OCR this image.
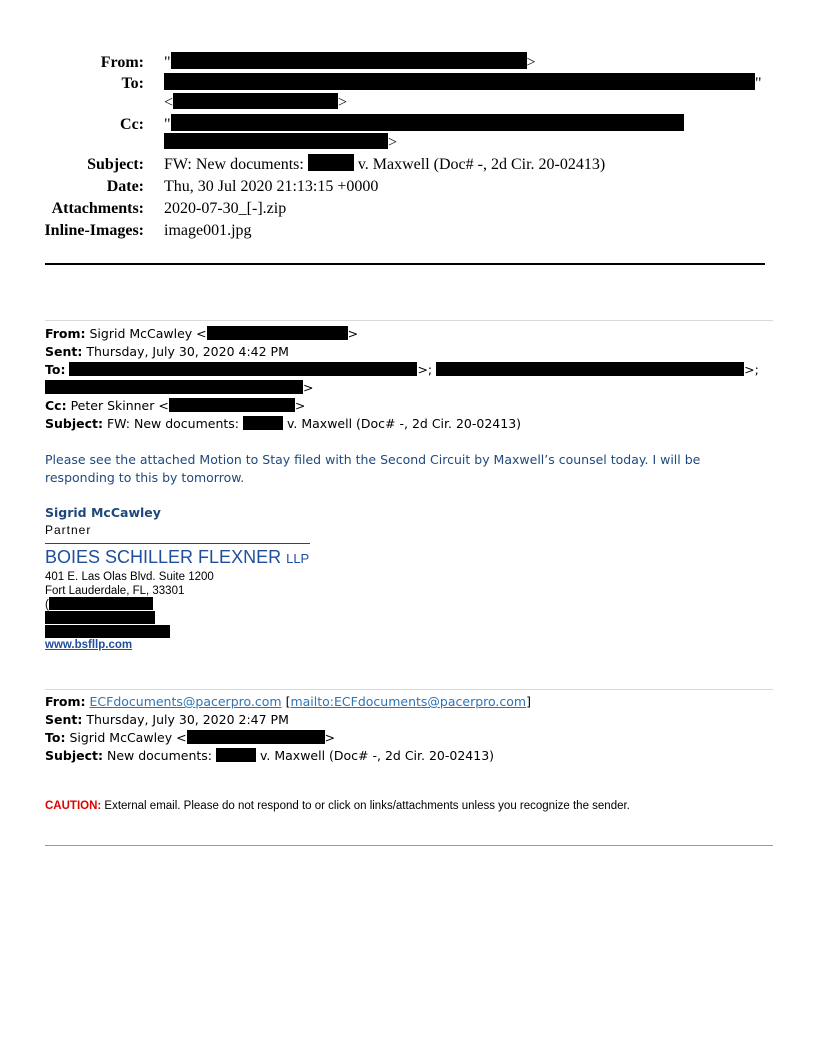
From: "	>
To:	"
<	>
Cc: "
>
Subject: FW: New documents:	v. Maxwell (Doc# -, 2d Cir. 20-02413)
Date: Thu, 30 Jul 2020 21:13:15 +0000
Attachments: 2020-07-30_[-].zip
Inline-Images: image001.jpg
From: Sigrid McCawley <	>
Sent: Thursday, July 30, 2020 4:42 PM
To:	>;	>;
>
Cc: Peter Skinner <	>
Subject: FW: New documents:	v. Maxwell (Doc# -, 2d Cir. 20-02413)
Please see the attached Motion to Stay filed with the Second Circuit by Maxwell’s counsel today. I will be responding to this by tomorrow.
Sigrid McCawley
Partner
BOIES SCHILLER FLEXNER LLP
401 E. Las Olas Blvd. Suite 1200
Fort Lauderdale, FL, 33301
(
www.bsfllp.com
From: ECFdocuments@pacerpro.com [mailto:ECFdocuments@pacerpro.com]
Sent: Thursday, July 30, 2020 2:47 PM
To: Sigrid McCawley <	>
Subject: New documents:	v. Maxwell (Doc# -, 2d Cir. 20-02413)
CAUTION: External email. Please do not respond to or click on links/attachments unless you recognize the sender.
